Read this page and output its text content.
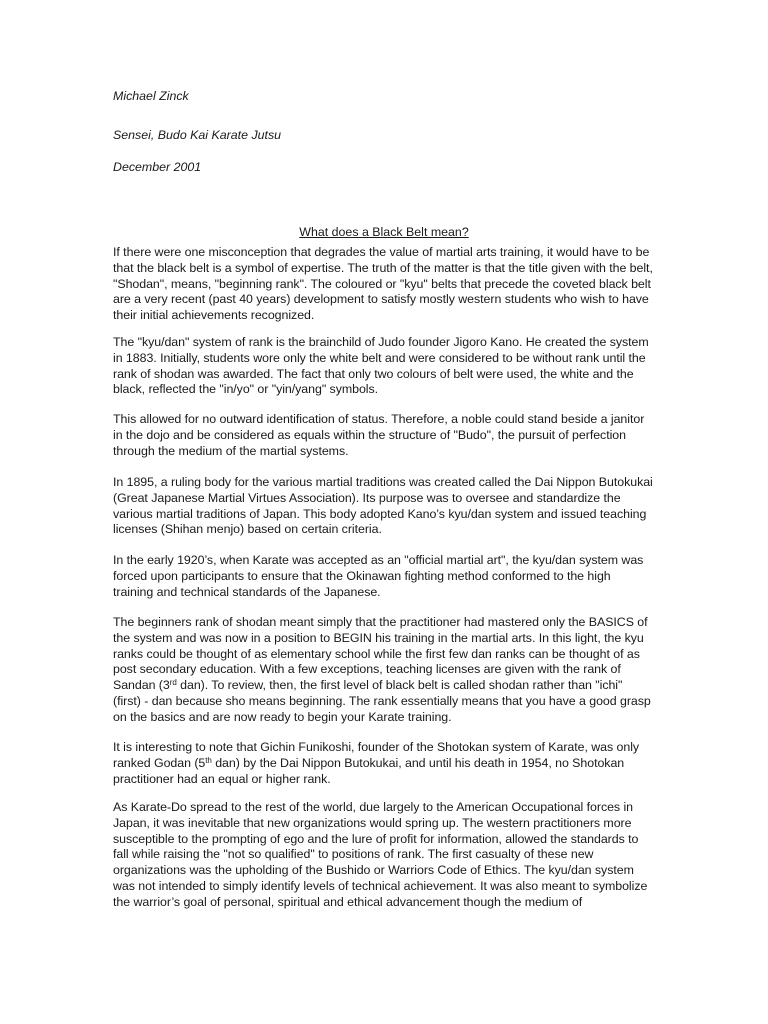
Michael Zinck
Sensei, Budo Kai Karate Jutsu
December 2001
What does a Black Belt mean?

If there were one misconception that degrades the value of martial arts training, it would have to be that the black belt is a symbol of expertise. The truth of the matter is that the title given with the belt, "Shodan", means, "beginning rank". The coloured or "kyu" belts that precede the coveted black belt are a very recent (past 40 years) development to satisfy mostly western students who wish to have their initial achievements recognized.

The "kyu/dan" system of rank is the brainchild of Judo founder Jigoro Kano. He created the system in 1883. Initially, students wore only the white belt and were considered to be without rank until the rank of shodan was awarded. The fact that only two colours of belt were used, the white and the black, reflected the "in/yo" or "yin/yang" symbols.

This allowed for no outward identification of status. Therefore, a noble could stand beside a janitor in the dojo and be considered as equals within the structure of "Budo", the pursuit of perfection through the medium of the martial systems.

In 1895, a ruling body for the various martial traditions was created called the Dai Nippon Butokukai (Great Japanese Martial Virtues Association). Its purpose was to oversee and standardize the various martial traditions of Japan. This body adopted Kano’s kyu/dan system and issued teaching licenses (Shihan menjo) based on certain criteria.

In the early 1920’s, when Karate was accepted as an "official martial art", the kyu/dan system was forced upon participants to ensure that the Okinawan fighting method conformed to the high training and technical standards of the Japanese.

The beginners rank of shodan meant simply that the practitioner had mastered only the BASICS of the system and was now in a position to BEGIN his training in the martial arts. In this light, the kyu ranks could be thought of as elementary school while the first few dan ranks can be thought of as post secondary education. With a few exceptions, teaching licenses are given with the rank of Sandan (3rd dan). To review, then, the first level of black belt is called shodan rather than "ichi" (first) - dan because sho means beginning. The rank essentially means that you have a good grasp on the basics and are now ready to begin your Karate training.

It is interesting to note that Gichin Funikoshi, founder of the Shotokan system of Karate, was only ranked Godan (5th dan) by the Dai Nippon Butokukai, and until his death in 1954, no Shotokan practitioner had an equal or higher rank.

As Karate-Do spread to the rest of the world, due largely to the American Occupational forces in Japan, it was inevitable that new organizations would spring up. The western practitioners more susceptible to the prompting of ego and the lure of profit for information, allowed the standards to fall while raising the "not so qualified" to positions of rank. The first casualty of these new organizations was the upholding of the Bushido or Warriors Code of Ethics. The kyu/dan system was not intended to simply identify levels of technical achievement. It was also meant to symbolize the warrior’s goal of personal, spiritual and ethical advancement though the medium of
